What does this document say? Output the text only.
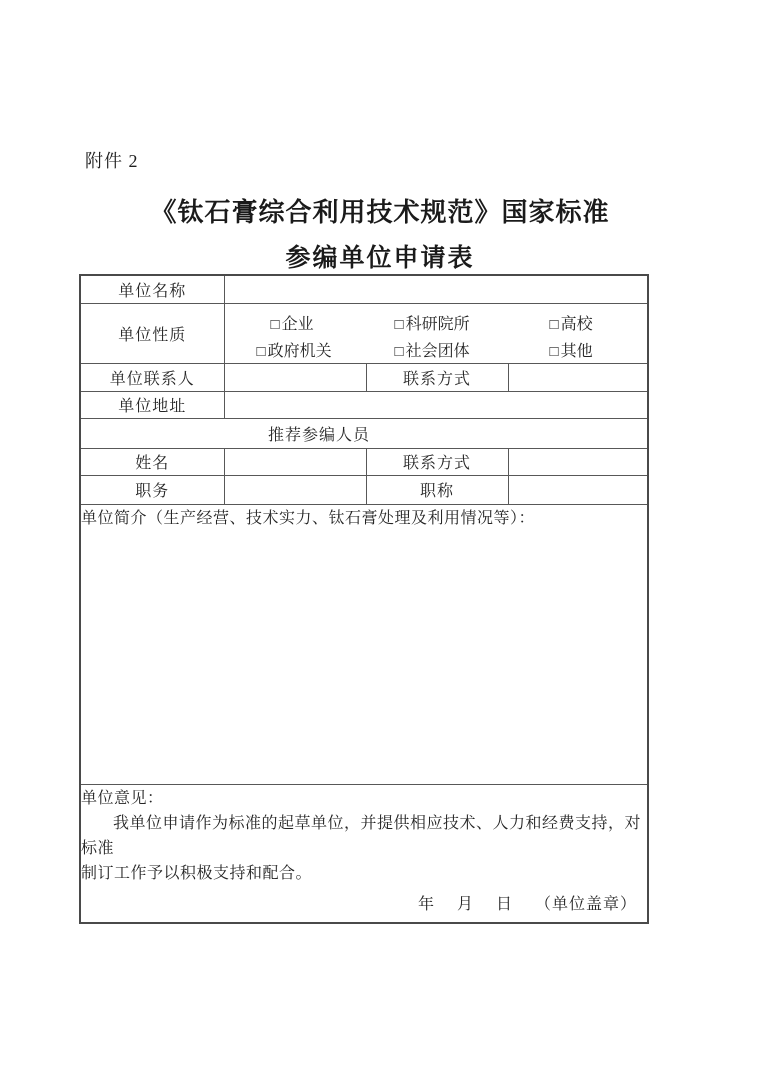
附件 2
《钛石膏综合利用技术规范》国家标准
参编单位申请表
单位名称			
单位性质	
□ 企业	□ 科研院所	□ 高校
□ 政府机关	□ 社会团体	□ 其他

单位联系人		联系方式	
单位地址			
推荐参编人员			
姓名		联系方式	
职务		职称	
单位简介（生产经营、技术实力、钛石膏处理及利用情况等）：			

单位意见：
我单位申请作为标准的起草单位，并提供相应技术、人力和经费支持，对标准
制订工作予以积极支持和配合。
年 月 日 （单位盖章）
